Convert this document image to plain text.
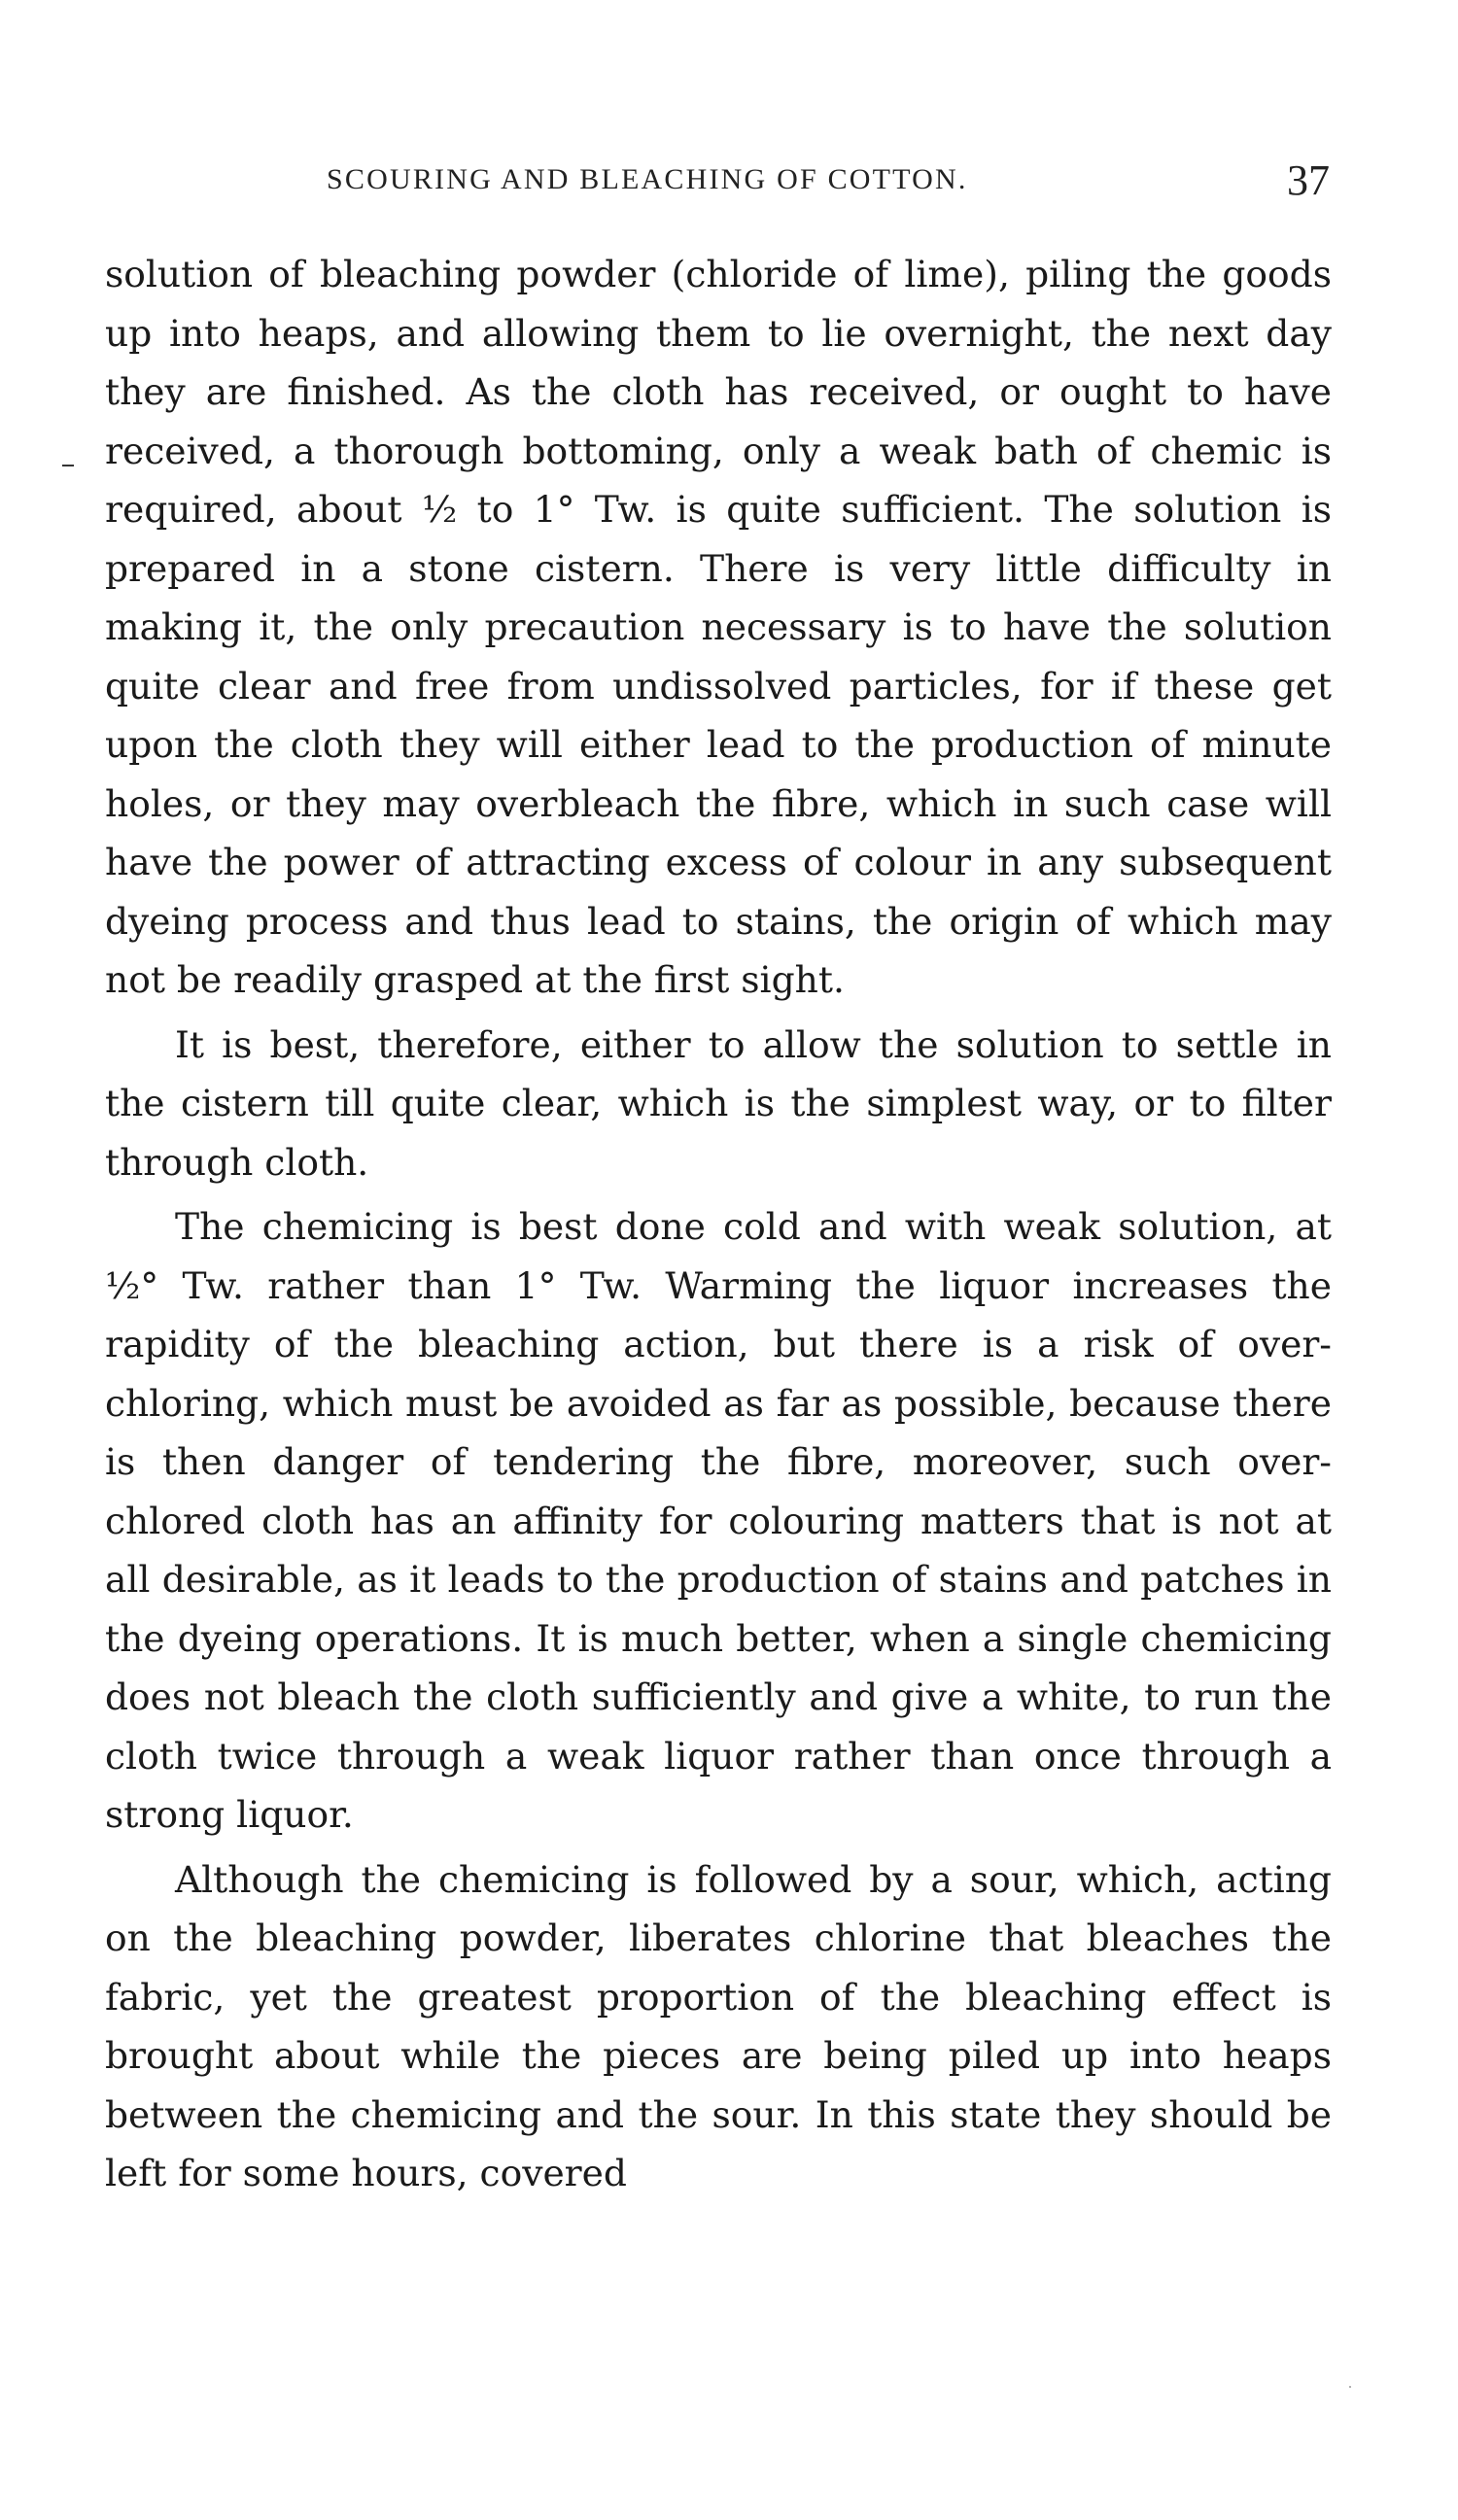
SCOURING AND BLEACHING OF COTTON.	37

solution of bleaching powder (chloride of lime), piling the goods up into heaps, and allowing them to lie overnight, the next day they are finished. As the cloth has received, or ought to have received, a thorough bottoming, only a weak bath of chemic is required, about ½ to 1° Tw. is quite sufficient. The solution is prepared in a stone cistern. There is very little difficulty in making it, the only precaution necessary is to have the solution quite clear and free from undissolved particles, for if these get upon the cloth they will either lead to the production of minute holes, or they may overbleach the fibre, which in such case will have the power of attracting excess of colour in any subsequent dyeing process and thus lead to stains, the origin of which may not be readily grasped at the first sight.

It is best, therefore, either to allow the solution to settle in the cistern till quite clear, which is the simplest way, or to filter through cloth.

The chemicing is best done cold and with weak solution, at ½° Tw. rather than 1° Tw. Warming the liquor increases the rapidity of the bleaching action, but there is a risk of over-chloring, which must be avoided as far as possible, because there is then danger of tendering the fibre, moreover, such over-chlored cloth has an affinity for colouring matters that is not at all desirable, as it leads to the production of stains and patches in the dyeing operations. It is much better, when a single chemicing does not bleach the cloth sufficiently and give a white, to run the cloth twice through a weak liquor rather than once through a strong liquor.

Although the chemicing is followed by a sour, which, acting on the bleaching powder, liberates chlorine that bleaches the fabric, yet the greatest proportion of the bleaching effect is brought about while the pieces are being piled up into heaps between the chemicing and the sour. In this state they should be left for some hours, covered
